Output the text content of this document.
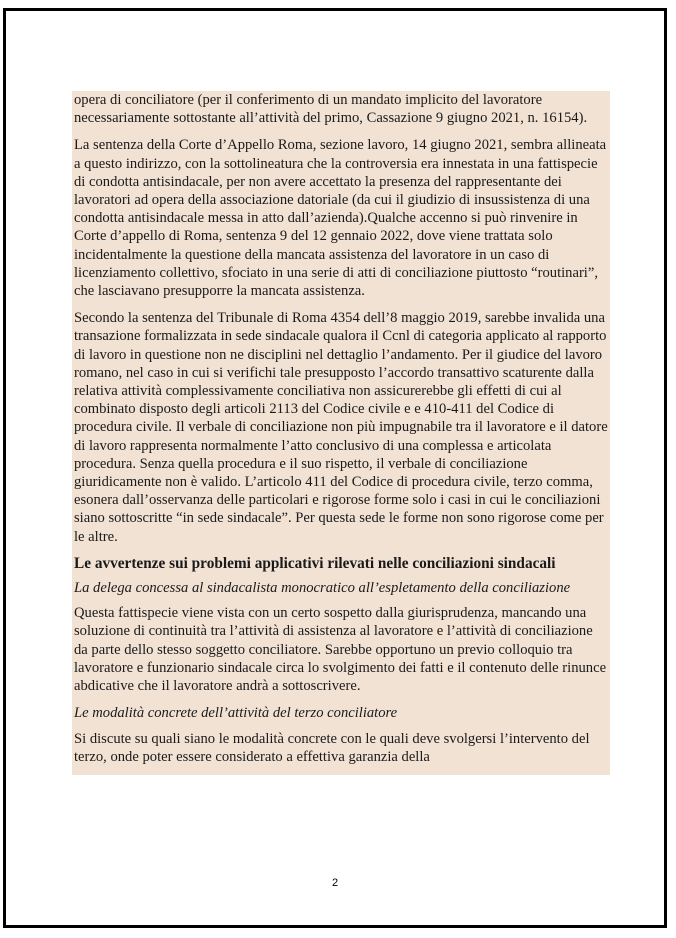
opera di conciliatore (per il conferimento di un mandato implicito del lavoratore necessariamente sottostante all’attività del primo, Cassazione 9 giugno 2021, n. 16154).

La sentenza della Corte d’Appello Roma, sezione lavoro, 14 giugno 2021, sembra allineata a questo indirizzo, con la sottolineatura che la controversia era innestata in una fattispecie di condotta antisindacale, per non avere accettato la presenza del rappresentante dei lavoratori ad opera della associazione datoriale (da cui il giudizio di insussistenza di una condotta antisindacale messa in atto dall’azienda).Qualche accenno si può rinvenire in Corte d’appello di Roma, sentenza 9 del 12 gennaio 2022, dove viene trattata solo incidentalmente la questione della mancata assistenza del lavoratore in un caso di licenziamento collettivo, sfociato in una serie di atti di conciliazione piuttosto “routinari”, che lasciavano presupporre la mancata assistenza.

Secondo la sentenza del Tribunale di Roma 4354 dell’8 maggio 2019, sarebbe invalida una transazione formalizzata in sede sindacale qualora il Ccnl di categoria applicato al rapporto di lavoro in questione non ne disciplini nel dettaglio l’andamento. Per il giudice del lavoro romano, nel caso in cui si verifichi tale presupposto l’accordo transattivo scaturente dalla relativa attività complessivamente conciliativa non assicurerebbe gli effetti di cui al combinato disposto degli articoli 2113 del Codice civile e e 410-411 del Codice di procedura civile. Il verbale di conciliazione non più impugnabile tra il lavoratore e il datore di lavoro rappresenta normalmente l’atto conclusivo di una complessa e articolata procedura. Senza quella procedura e il suo rispetto, il verbale di conciliazione giuridicamente non è valido. L’articolo 411 del Codice di procedura civile, terzo comma, esonera dall’osservanza delle particolari e rigorose forme solo i casi in cui le conciliazioni siano sottoscritte “in sede sindacale”. Per questa sede le forme non sono rigorose come per le altre.

Le avvertenze sui problemi applicativi rilevati nelle conciliazioni sindacali
La delega concessa al sindacalista monocratico all’espletamento della conciliazione

Questa fattispecie viene vista con un certo sospetto dalla giurisprudenza, mancando una soluzione di continuità tra l’attività di assistenza al lavoratore e l’attività di conciliazione da parte dello stesso soggetto conciliatore. Sarebbe opportuno un previo colloquio tra lavoratore e funzionario sindacale circa lo svolgimento dei fatti e il contenuto delle rinunce abdicative che il lavoratore andrà a sottoscrivere.

Le modalità concrete dell’attività del terzo conciliatore

Si discute su quali siano le modalità concrete con le quali deve svolgersi l’intervento del terzo, onde poter essere considerato a effettiva garanzia della

2
